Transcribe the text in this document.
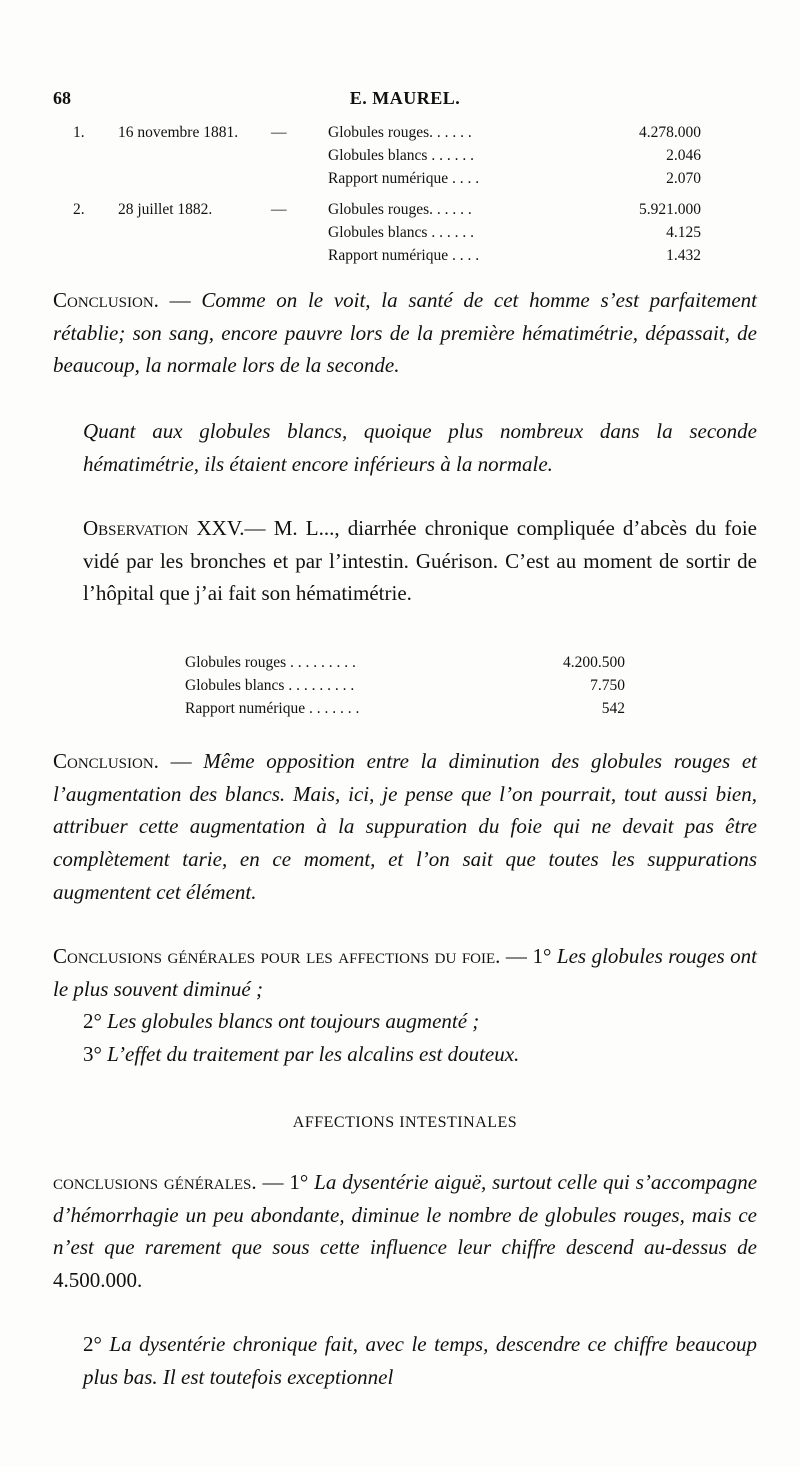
68	E. MAUREL.
1. 16 novembre 1881. —	Globules rouges. . . . . .	4.278.000
Globules blancs . . . . . .	2.046
Rapport numérique . . . .	2.070
2. 28 juillet 1882.	—	Globules rouges. . . . . .	5.921.000
Globules blancs . . . . . .	4.125
Rapport numérique . . . .	1.432

Conclusion. — Comme on le voit, la santé de cet homme s’est parfaitement rétablie; son sang, encore pauvre lors de la première hématimétrie, dépassait, de beaucoup, la normale lors de la seconde.

Quant aux globules blancs, quoique plus nombreux dans la seconde hématimétrie, ils étaient encore inférieurs à la normale.

Observation XXV.— M. L..., diarrhée chronique compliquée d’abcès du foie vidé par les bronches et par l’intestin. Guérison. C’est au moment de sortir de l’hôpital que j’ai fait son hématimétrie.

Globules rouges . . . . . . . . .	4.200.500
Globules blancs . . . . . . . . .	7.750
Rapport numérique . . . . . . .	542

Conclusion. — Même opposition entre la diminution des globules rouges et l’augmentation des blancs. Mais, ici, je pense que l’on pourrait, tout aussi bien, attribuer cette augmentation à la suppuration du foie qui ne devait pas être complètement tarie, en ce moment, et l’on sait que toutes les suppurations augmentent cet élément.

Conclusions générales pour les affections du foie. — 1° Les globules rouges ont le plus souvent diminué ;

2° Les globules blancs ont toujours augmenté ;

3° L’effet du traitement par les alcalins est douteux.

AFFECTIONS INTESTINALES

conclusions générales. — 1° La dysentérie aiguë, surtout celle qui s’accompagne d’hémorrhagie un peu abondante, diminue le nombre de globules rouges, mais ce n’est que rarement que sous cette influence leur chiffre descend au-dessus de 4.500.000.

2° La dysentérie chronique fait, avec le temps, descendre ce chiffre beaucoup plus bas. Il est toutefois exceptionnel
